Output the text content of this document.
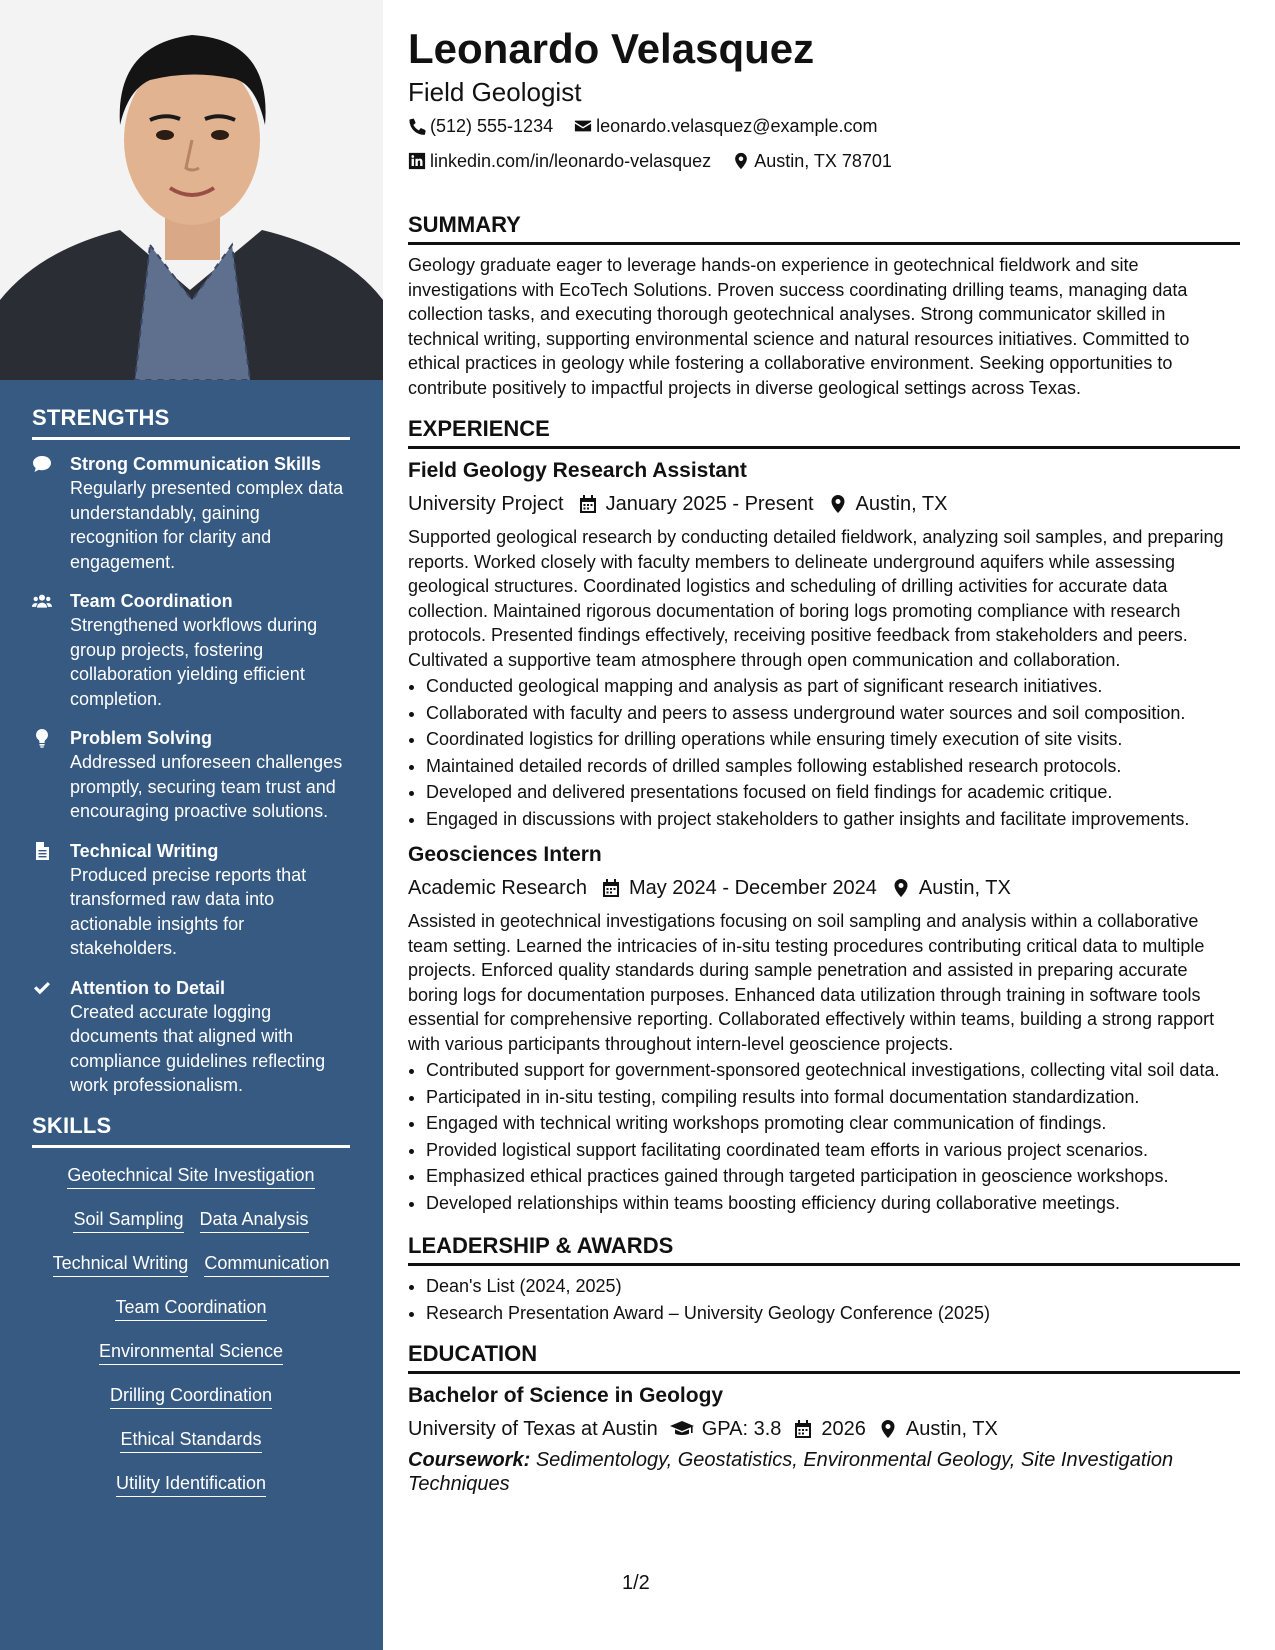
STRENGTHS
Strong Communication Skills
Regularly presented complex data understandably, gaining recognition for clarity and engagement.
Team Coordination
Strengthened workflows during group projects, fostering collaboration yielding efficient completion.
Problem Solving
Addressed unforeseen challenges promptly, securing team trust and encouraging proactive solutions.
Technical Writing
Produced precise reports that transformed raw data into actionable insights for stakeholders.
Attention to Detail
Created accurate logging documents that aligned with compliance guidelines reflecting work professionalism.
SKILLS
Geotechnical Site Investigation
Soil Sampling Data Analysis
Technical Writing Communication
Team Coordination
Environmental Science
Drilling Coordination
Ethical Standards
Utility Identification
Leonardo Velasquez
Field Geologist
(512) 555-1234
leonardo.velasquez@example.com
linkedin.com/in/leonardo-velasquez
Austin, TX 78701
SUMMARY

Geology graduate eager to leverage hands-on experience in geotechnical fieldwork and site investigations with EcoTech Solutions. Proven success coordinating drilling teams, managing data collection tasks, and executing thorough geotechnical analyses. Strong communicator skilled in technical writing, supporting environmental science and natural resources initiatives. Committed to ethical practices in geology while fostering a collaborative environment. Seeking opportunities to contribute positively to impactful projects in diverse geological settings across Texas.

EXPERIENCE
Field Geology Research Assistant
University Project January 2025 - Present Austin, TX

Supported geological research by conducting detailed fieldwork, analyzing soil samples, and preparing reports. Worked closely with faculty members to delineate underground aquifers while assessing geological structures. Coordinated logistics and scheduling of drilling activities for accurate data collection. Maintained rigorous documentation of boring logs promoting compliance with research protocols. Presented findings effectively, receiving positive feedback from stakeholders and peers. Cultivated a supportive team atmosphere through open communication and collaboration.

• Conducted geological mapping and analysis as part of significant research initiatives.
• Collaborated with faculty and peers to assess underground water sources and soil composition.
• Coordinated logistics for drilling operations while ensuring timely execution of site visits.
• Maintained detailed records of drilled samples following established research protocols.
• Developed and delivered presentations focused on field findings for academic critique.
• Engaged in discussions with project stakeholders to gather insights and facilitate improvements.
Geosciences Intern
Academic Research May 2024 - December 2024 Austin, TX

Assisted in geotechnical investigations focusing on soil sampling and analysis within a collaborative team setting. Learned the intricacies of in-situ testing procedures contributing critical data to multiple projects. Enforced quality standards during sample penetration and assisted in preparing accurate boring logs for documentation purposes. Enhanced data utilization through training in software tools essential for comprehensive reporting. Collaborated effectively within teams, building a strong rapport with various participants throughout intern-level geoscience projects.

• Contributed support for government-sponsored geotechnical investigations, collecting vital soil data.
• Participated in in-situ testing, compiling results into formal documentation standardization.
• Engaged with technical writing workshops promoting clear communication of findings.
• Provided logistical support facilitating coordinated team efforts in various project scenarios.
• Emphasized ethical practices gained through targeted participation in geoscience workshops.
• Developed relationships within teams boosting efficiency during collaborative meetings.
LEADERSHIP & AWARDS
• Dean's List (2024, 2025)
• Research Presentation Award – University Geology Conference (2025)
EDUCATION
Bachelor of Science in Geology
University of Texas at Austin GPA: 3.8 2026 Austin, TX
Coursework: Sedimentology, Geostatistics, Environmental Geology, Site Investigation Techniques
1/2
